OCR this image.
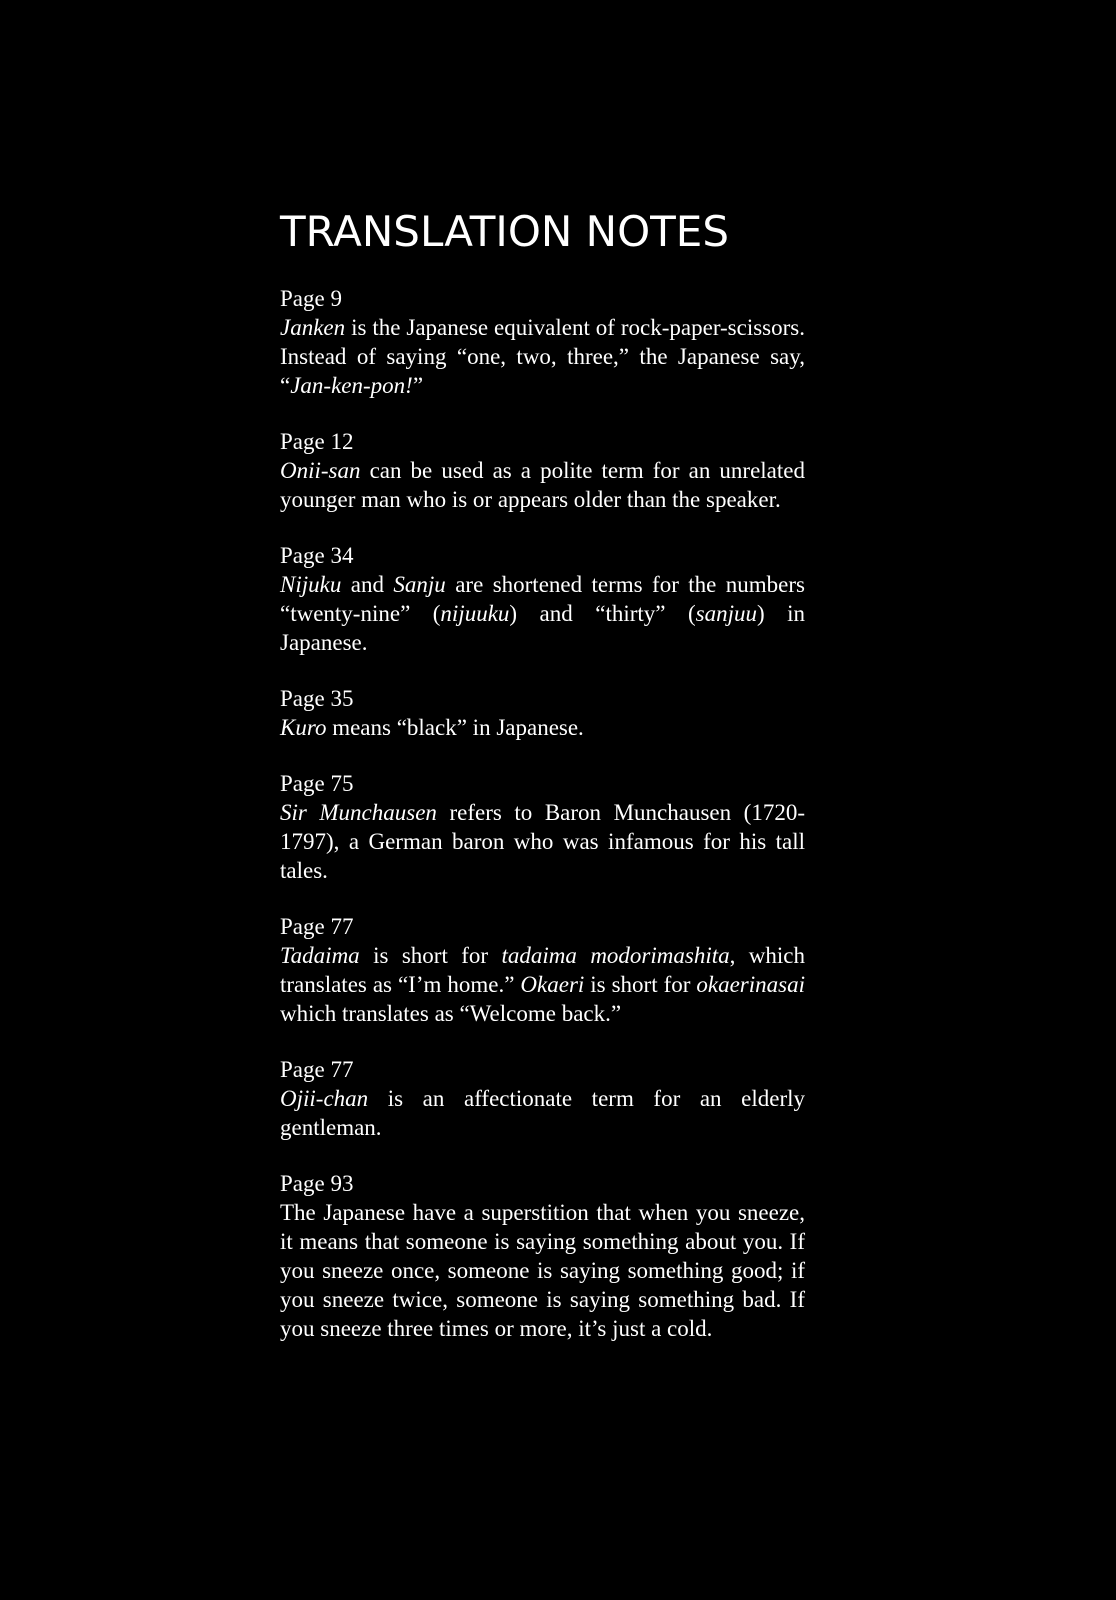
TRANSLATION NOTES
Page 9

Janken is the Japanese equivalent of rock-paper-scissors. Instead of saying “one, two, three,” the Japanese say, “Jan-ken-pon!”

Page 12

Onii-san can be used as a polite term for an unrelated younger man who is or appears older than the speaker.

Page 34

Nijuku and Sanju are shortened terms for the numbers “twenty-nine” (nijuuku) and “thirty” (sanjuu) in Japanese.

Page 35

Kuro means “black” in Japanese.

Page 75

Sir Munchausen refers to Baron Munchausen (1720-1797), a German baron who was infamous for his tall tales.

Page 77

Tadaima is short for tadaima modorimashita, which translates as “I’m home.” Okaeri is short for okaerinasai which translates as “Welcome back.”

Page 77

Ojii-chan is an affectionate term for an elderly gentleman.

Page 93

The Japanese have a superstition that when you sneeze, it means that someone is saying something about you. If you sneeze once, someone is saying something good; if you sneeze twice, someone is saying something bad. If you sneeze three times or more, it’s just a cold.
